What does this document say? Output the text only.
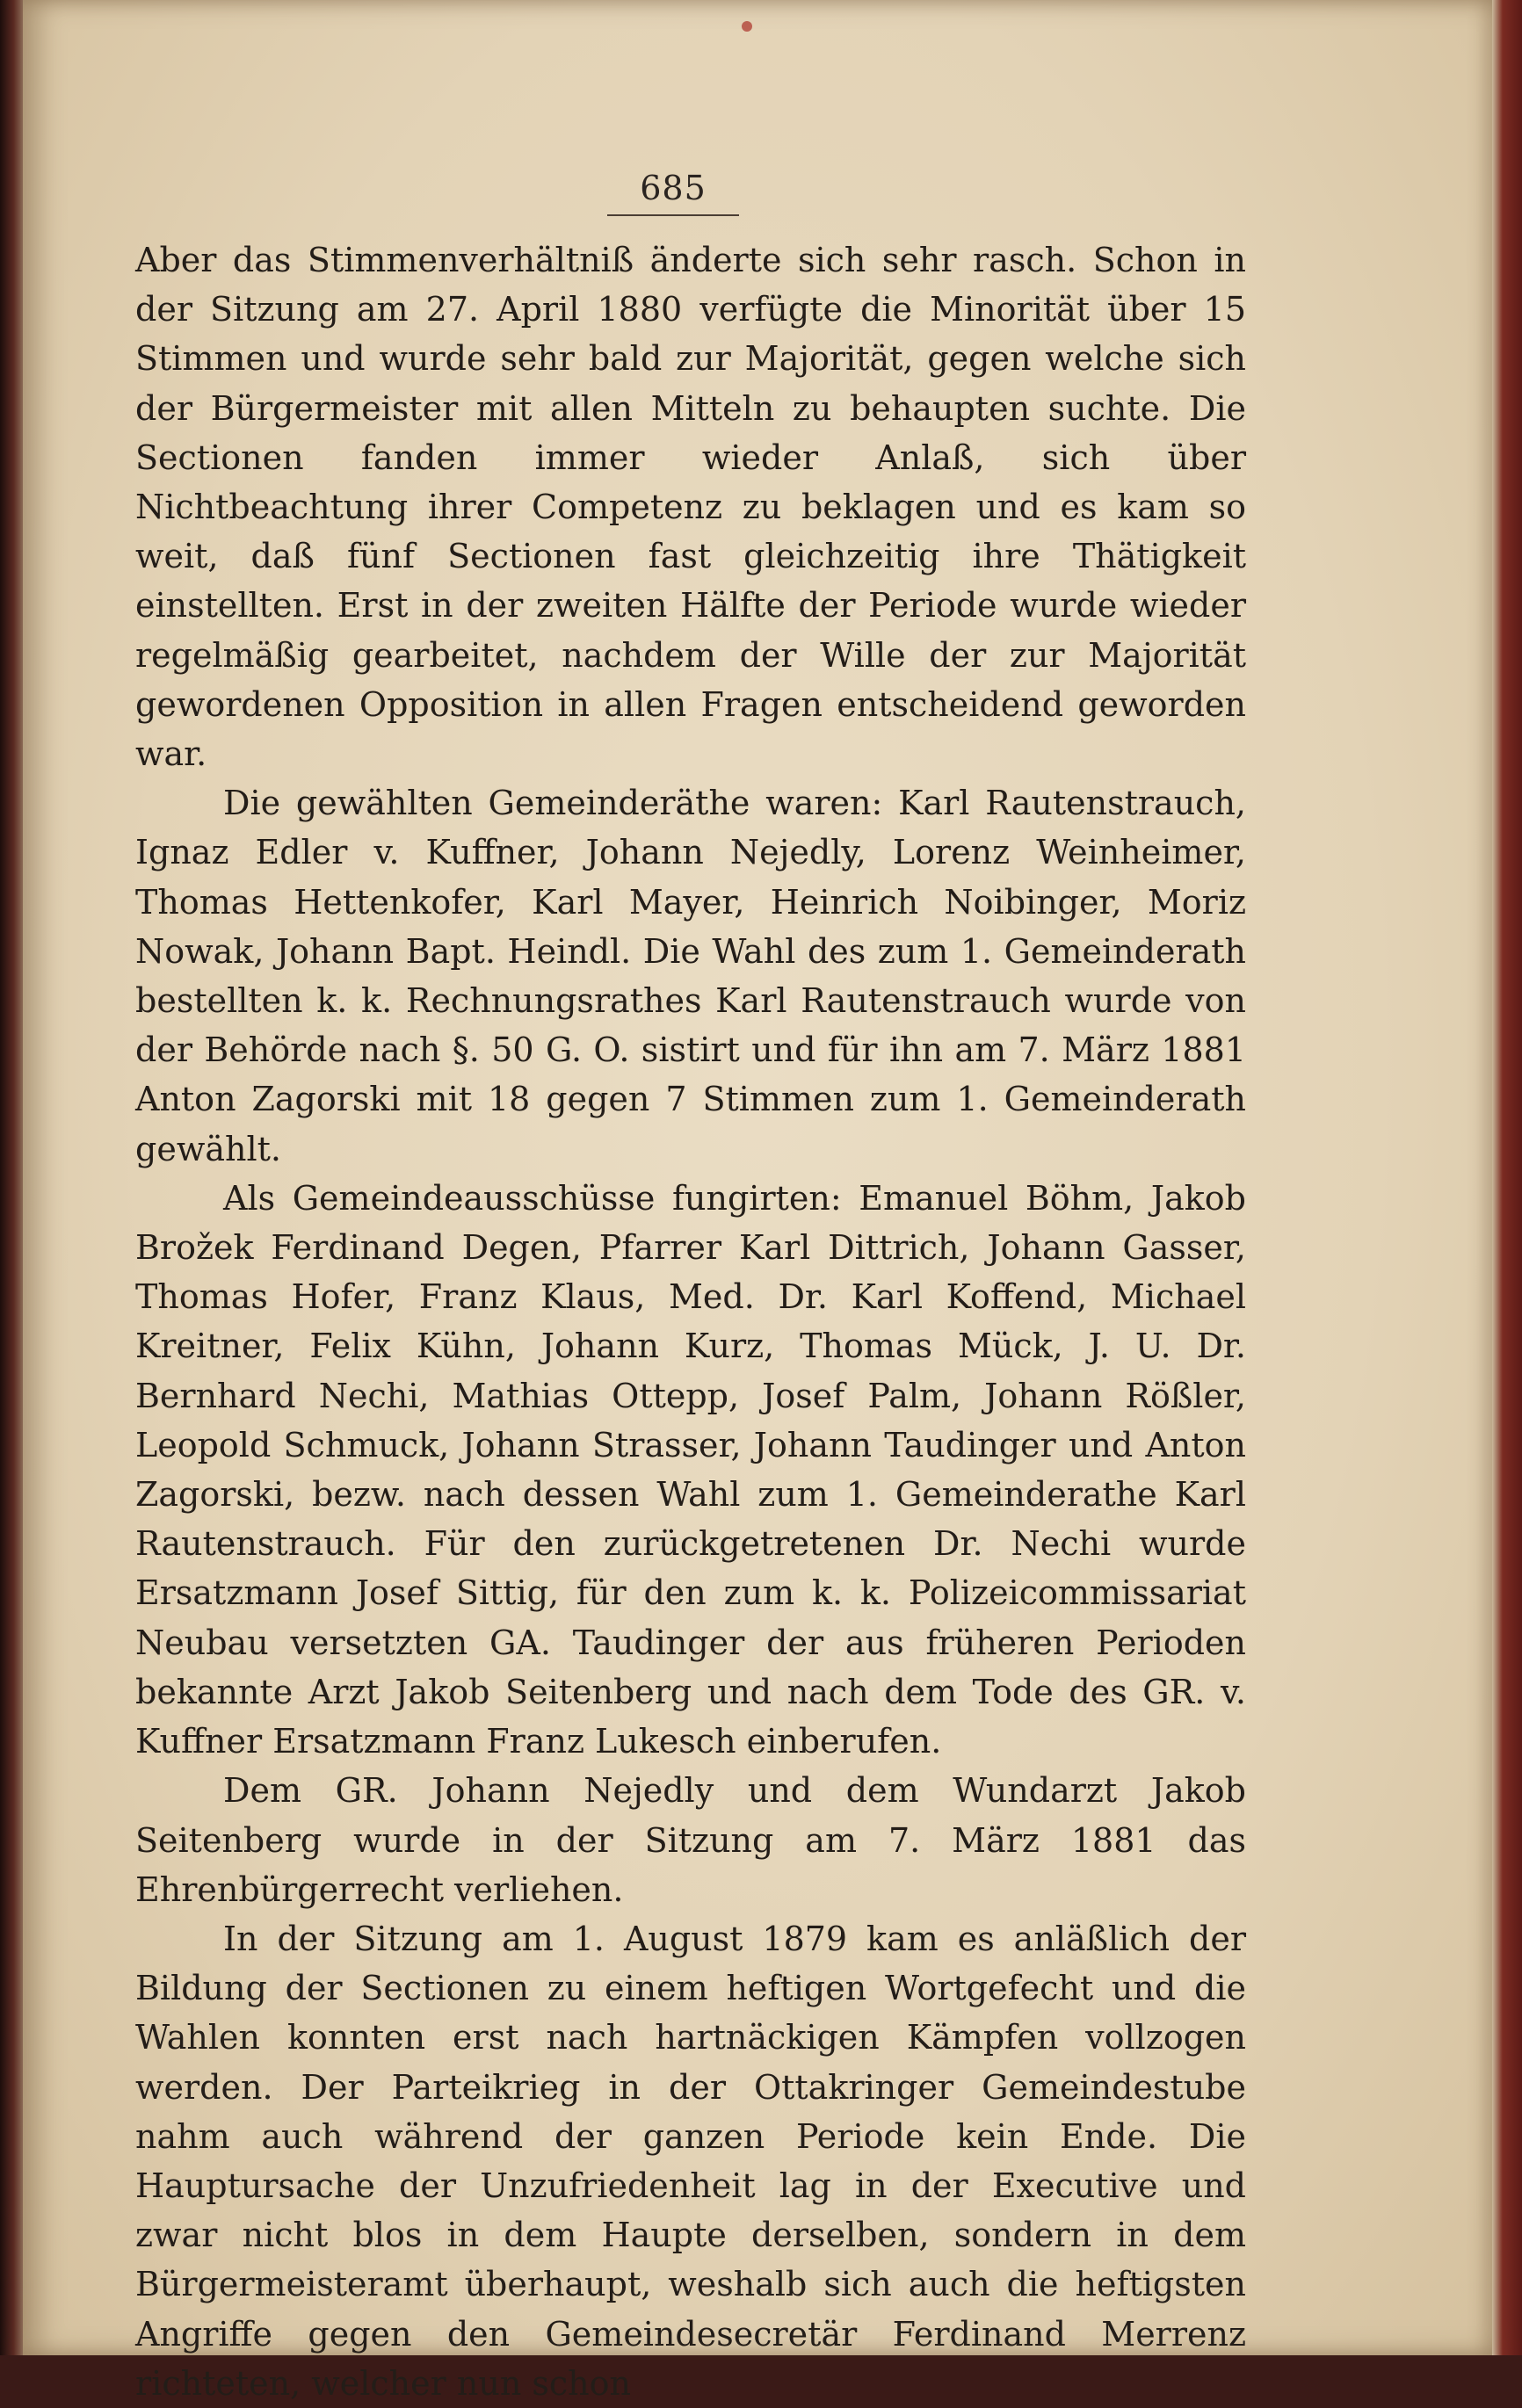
685

Aber das Stimmenverhältniß änderte sich sehr rasch. Schon in der Sitzung am 27. April 1880 verfügte die Minorität über 15 Stimmen und wurde sehr bald zur Majorität, gegen welche sich der Bürgermeister mit allen Mitteln zu behaupten suchte. Die Sectionen fanden immer wieder Anlaß, sich über Nichtbeachtung ihrer Competenz zu beklagen und es kam so weit, daß fünf Sectionen fast gleichzeitig ihre Thätigkeit einstellten. Erst in der zweiten Hälfte der Periode wurde wieder regelmäßig gearbeitet, nachdem der Wille der zur Majorität gewordenen Opposition in allen Fragen entscheidend geworden war.

Die gewählten Gemeinderäthe waren: Karl Rautenstrauch, Ignaz Edler v. Kuffner, Johann Nejedly, Lorenz Weinheimer, Thomas Hettenkofer, Karl Mayer, Heinrich Noibinger, Moriz Nowak, Johann Bapt. Heindl. Die Wahl des zum 1. Gemeinderath bestellten k. k. Rechnungsrathes Karl Rautenstrauch wurde von der Behörde nach §. 50 G. O. sistirt und für ihn am 7. März 1881 Anton Zagorski mit 18 gegen 7 Stimmen zum 1. Gemeinderath gewählt.

Als Gemeindeausschüsse fungirten: Emanuel Böhm, Jakob Brožek Ferdinand Degen, Pfarrer Karl Dittrich, Johann Gasser, Thomas Hofer, Franz Klaus, Med. Dr. Karl Koffend, Michael Kreitner, Felix Kühn, Johann Kurz, Thomas Mück, J. U. Dr. Bernhard Nechi, Mathias Ottepp, Josef Palm, Johann Rößler, Leopold Schmuck, Johann Strasser, Johann Taudinger und Anton Zagorski, bezw. nach dessen Wahl zum 1. Gemeinderathe Karl Rautenstrauch. Für den zurückgetretenen Dr. Nechi wurde Ersatzmann Josef Sittig, für den zum k. k. Polizeicommissariat Neubau versetzten GA. Taudinger der aus früheren Perioden bekannte Arzt Jakob Seitenberg und nach dem Tode des GR. v. Kuffner Ersatzmann Franz Lukesch einberufen.

Dem GR. Johann Nejedly und dem Wundarzt Jakob Seitenberg wurde in der Sitzung am 7. März 1881 das Ehrenbürgerrecht verliehen.

In der Sitzung am 1. August 1879 kam es anläßlich der Bildung der Sectionen zu einem heftigen Wortgefecht und die Wahlen konnten erst nach hartnäckigen Kämpfen vollzogen werden. Der Parteikrieg in der Ottakringer Gemeindestube nahm auch während der ganzen Periode kein Ende. Die Hauptursache der Unzufriedenheit lag in der Executive und zwar nicht blos in dem Haupte derselben, sondern in dem Bürgermeisteramt überhaupt, weshalb sich auch die heftigsten Angriffe gegen den Gemeindesecretär Ferdinand Merrenz richteten, welcher nun schon
